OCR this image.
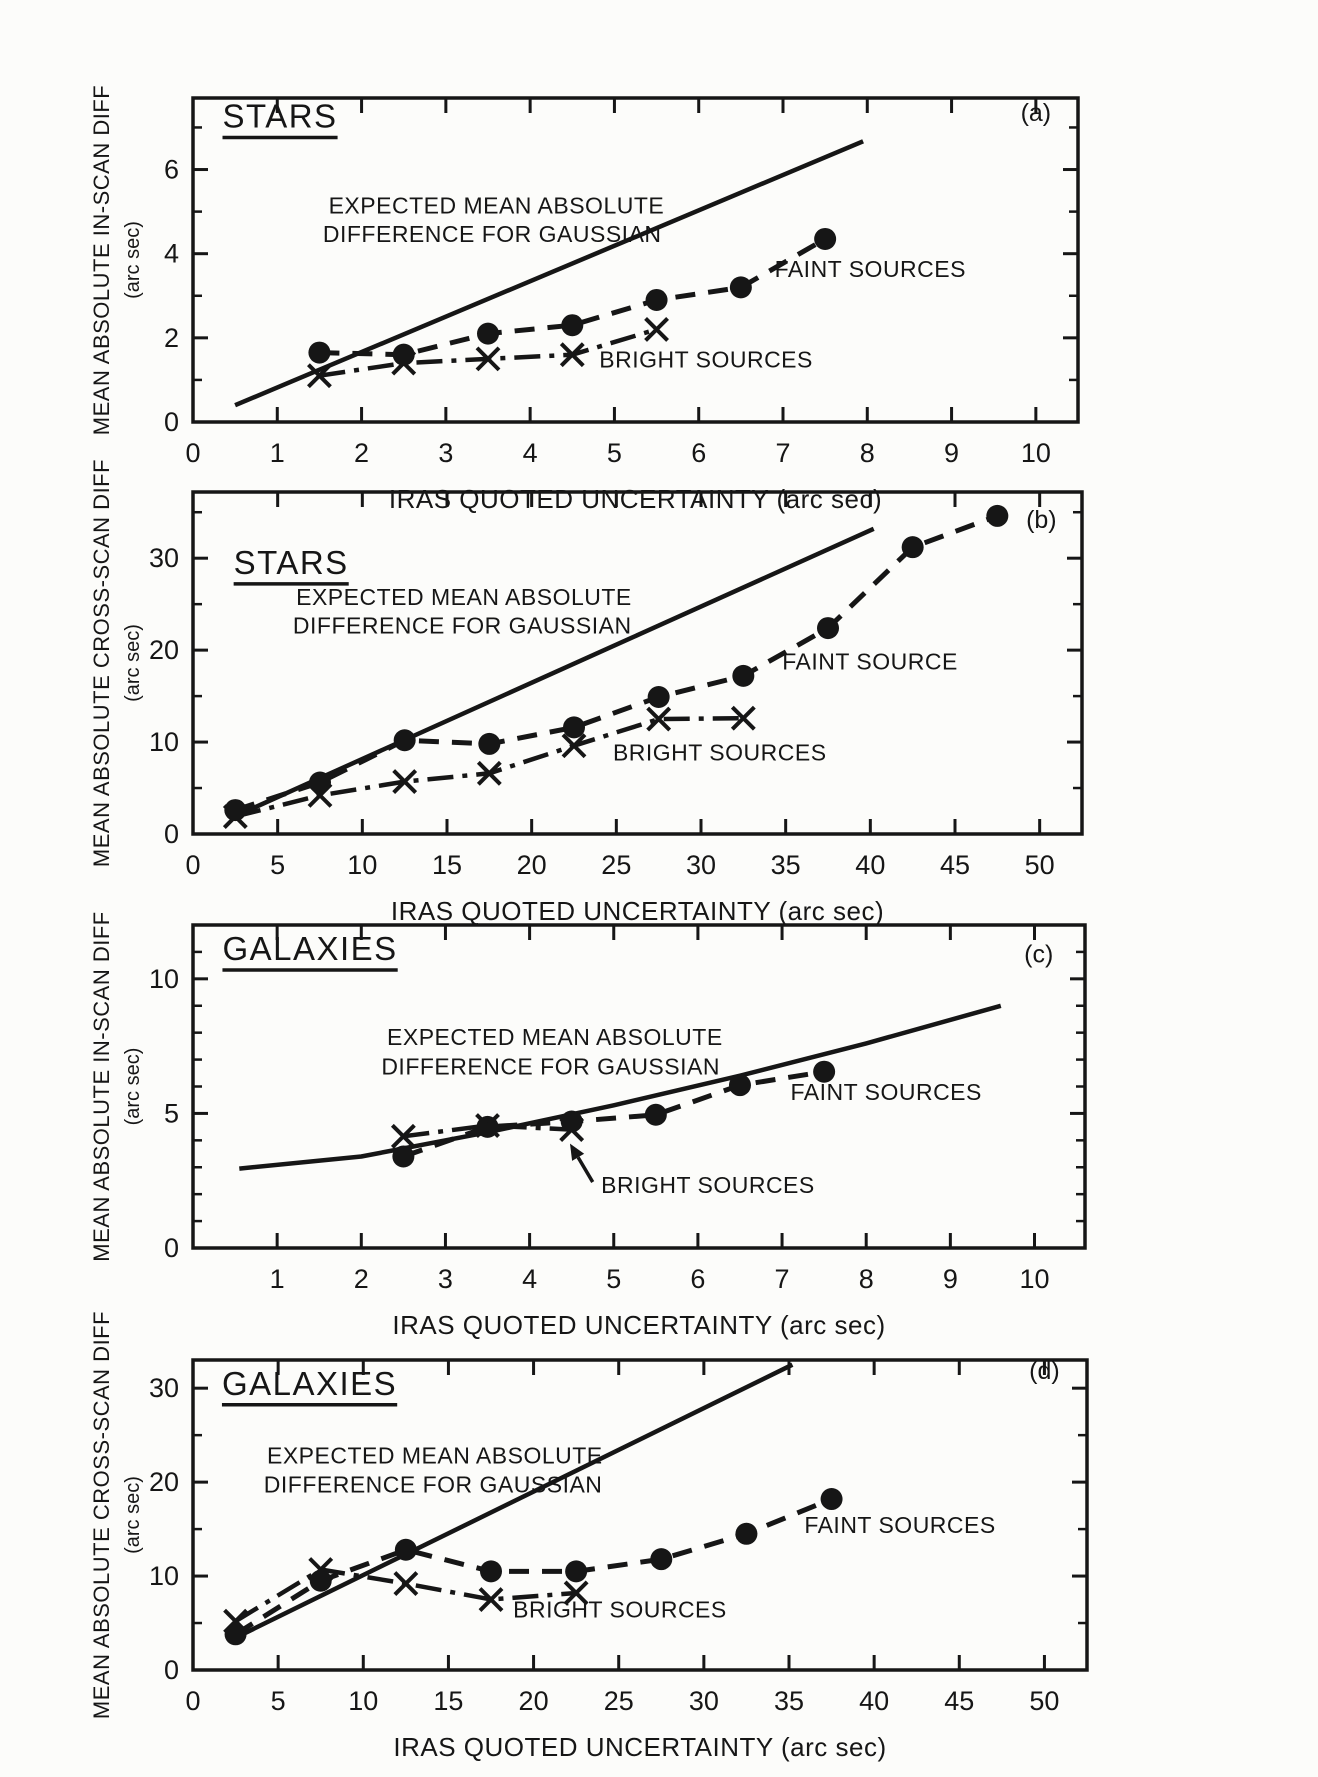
0	1	2	3	4	5	6	7	8	9 10
0
2
4
6
EXPECTED MEAN ABSOLUTE
DIFFERENCE FOR GAUSSIAN
FAINT SOURCES
BRIGHT SOURCES
STARS	(a)
IRAS QUOTED UNCERTAINTY (arc sec)
MEAN ABSOLUTE IN-SCAN DIFF (arc sec)
0	5 10 15 20 25 30 35 40 45 50
0
10
20
30
EXPECTED MEAN ABSOLUTE
DIFFERENCE FOR GAUSSIAN
FAINT SOURCE
BRIGHT SOURCES
STARS
(b)
IRAS QUOTED UNCERTAINTY (arc sec)
MEAN ABSOLUTE CROSS-SCAN DIFF (arc sec)
1	2	3	4	5	6	7	8	9 10
0
5
10
EXPECTED MEAN ABSOLUTE
DIFFERENCE FOR GAUSSIAN
FAINT SOURCES
BRIGHT SOURCES
GALAXIES	(c)
IRAS QUOTED UNCERTAINTY (arc sec)
MEAN ABSOLUTE IN-SCAN DIFF (arc sec)
0	5 10 15 20 25 30 35 40 45 50
0
10
20
30
EXPECTED MEAN ABSOLUTE
DIFFERENCE FOR GAUSSIAN
FAINT SOURCES
BRIGHT SOURCES
GALAXIES	(d)
IRAS QUOTED UNCERTAINTY (arc sec)
MEAN ABSOLUTE CROSS-SCAN DIFF (arc sec)
